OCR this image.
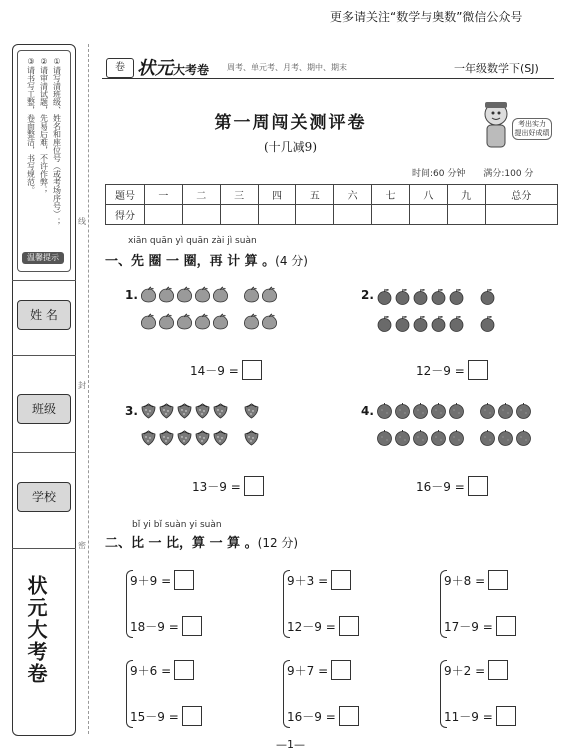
更多请关注“数学与奥数”微信公众号
①请写清班级、姓名和座位号（或考场序号）；
②请审清试题，先易后难，不许作弊；
③请书写工整，卷面整洁，书写规范。
温馨提示
姓 名
班级
学校
状元大考卷
线
封
密
卷 状元大考卷 周考、单元考、月考、期中、期末	一年级数学下(SJ)
第一周闯关测评卷
(十几减9)
考出实力 提出好成绩
时间:60 分钟　　满分:100 分
题号	一	二	三	四	五	六	七	八	九	总分
得分										
xiān quān yì quān zài jì suàn
一、先 圈 一 圈，再 计 算 。(4 分)
1.
14－9 =
2.
12－9 =
3.
13－9 =
4.
16－9 =
bǐ yi bǐ suàn yi suàn
二、比 一 比，算 一 算 。(12 分)
9＋9 =
18－9 =
9＋3 =
12－9 =
9＋8 =
17－9 =
9＋6 =
15－9 =
9＋7 =
16－9 =
9＋2 =
11－9 =
—1—
